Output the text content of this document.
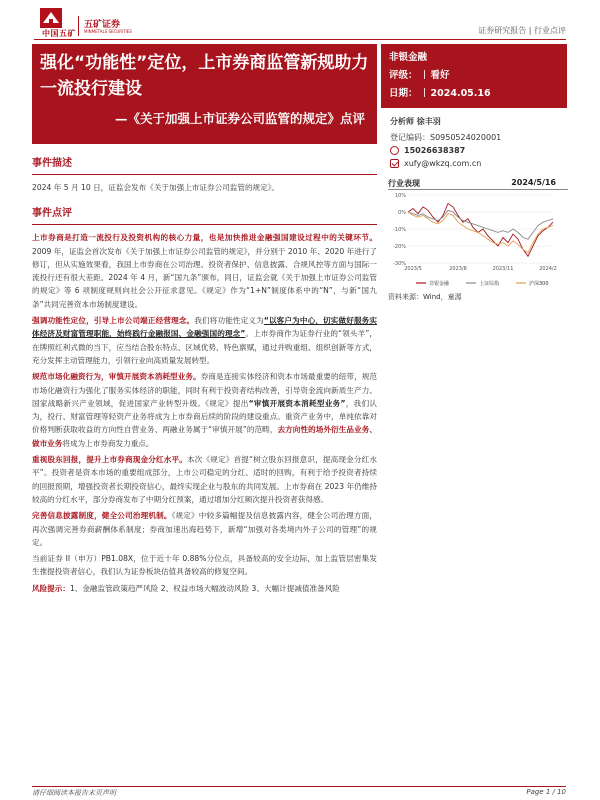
中国五矿
五矿证券
MINMETALS SECURITIES	证券研究报告 | 行业点评
强化“功能性”定位，上市券商监管新规助力一流投行建设
—《关于加强上市证券公司监管的规定》点评
非银金融
评级： 看好
日期： 2024.05.16
分析师 徐丰羽
登记编码：S0950524020001
15026638387
xufy@wkzq.com.cn
行业表现	2024/5/16
10%
0%
-10%
-20%
-30%
2023/5	2023/8	2023/11	2024/2
非银金融	上证综指	沪深300
资料来源：Wind，童源
事件描述
2024 年 5 月 10 日，证监会发布《关于加强上市证券公司监管的规定》。
事件点评
上市券商是打造一流投行及投资机构的核心力量，也是加快推进金融强国建设过程中的关键环节。2009 年，证监会首次发布《关于加强上市证券公司监管的规定》，并分别于 2010 年、2020 年进行了修订，但从实施效果看，我国上市券商在公司治理、投资者保护、信息披露、合规风控等方面与国际一流投行还有很大差距。2024 年 4 月，新“国九条”颁布，同日，证监会就《关于加强上市证券公司监管的规定》等 6 项制度规则向社会公开征求意见。《规定》作为“1+N”制度体系中的“N”，与新“国九条”共同完善资本市场制度建设。
强调功能性定位，引导上市公司端正经营理念。我们将功能性定义为“以客户为中心，切实做好服务实体经济及财富管理职能，始终践行金融报国、金融强国的理念”。上市券商作为证券行业的“领头羊”，在牌照红利式微的当下，应当结合股东特点、区域优势、特色禀赋，通过并购重组、组织创新等方式，充分发挥主动管理能力，引领行业向高质量发展转型。
规范市场化融资行为，审慎开展资本消耗型业务。券商是连接实体经济和资本市场最重要的纽带，规范市场化融资行为强化了服务实体经济的职能，同时有利于投资者结构改善，引导资金流向新质生产力、国家战略新兴产业领域，促进国家产业转型升级。《规定》提出“审慎开展资本消耗型业务”，我们认为，投行、财富管理等轻资产业务将成为上市券商后续的阶段的建设重点。重资产业务中，单纯依靠对价格判断获取收益的方向性自营业务、两融业务属于“审慎开展”的范畴，去方向性的场外衍生品业务、做市业务将成为上市券商发力重点。
重视股东回报，提升上市券商现金分红水平。本次《规定》首提“树立股东回报意识，提高现金分红水平”。投资者是资本市场的重要组成部分，上市公司稳定的分红、适时的回购，有利于给予投资者持续的回报预期，增强投资者长期投资信心，最终实现企业与股东的共同发展。上市券商在 2023 年仍维持较高的分红水平，部分券商发布了中期分红预案，通过增加分红频次提升投资者获得感。
完善信息披露制度，健全公司治理机制。《规定》中较多篇幅提及信息披露内容，健全公司治理方面，再次强调完善券商薪酬体系制度；券商加速出海趋势下，新增“加强对各类境内外子公司的管理”的规定。
当前证券 II（申万）PB1.08X，位于近十年 0.88%分位点，具备较高的安全边际，加上监管层密集发生推提投资者信心，我们认为证券板块估值具备较高的修复空间。
风险提示：1、金融监管政策趋严风险 2、权益市场大幅波动风险 3、大幅计提减值准备风险
请仔细阅读本报告末页声明	Page 1 / 10
